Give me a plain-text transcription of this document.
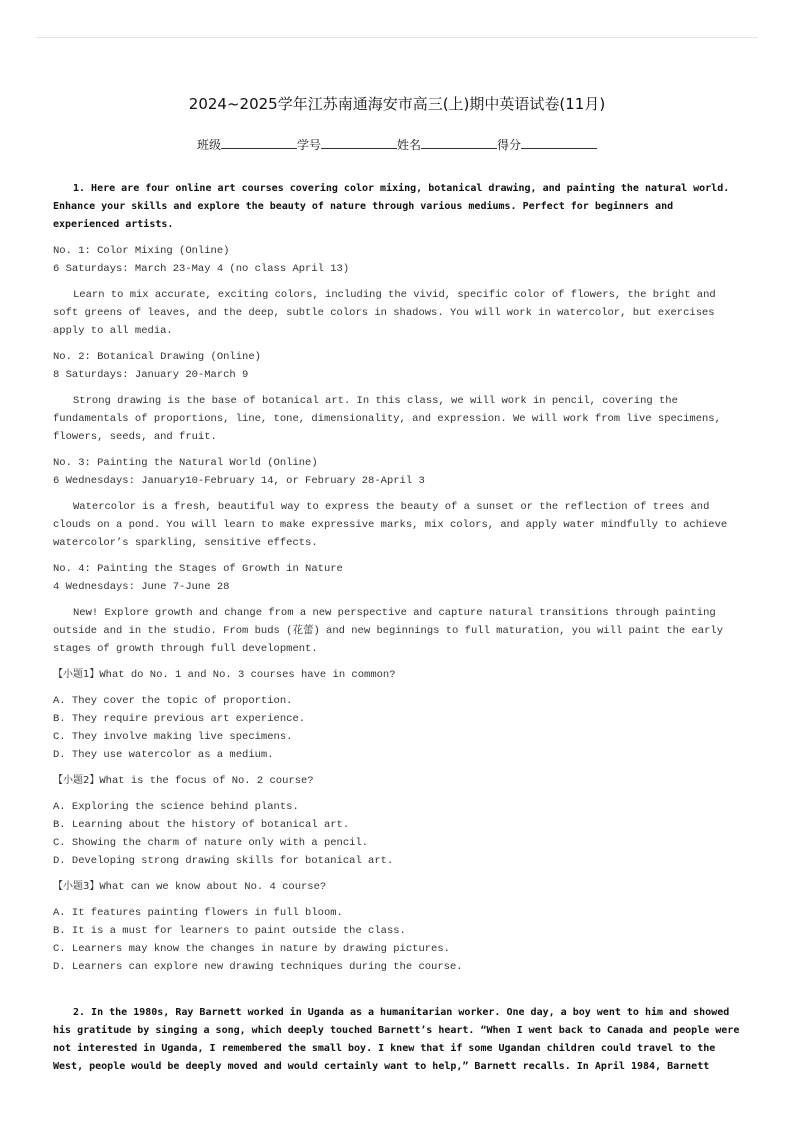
2024~2025学年江苏南通海安市高三(上)期中英语试卷(11月)
班级	学号	姓名	得分

1. Here are four online art courses covering color mixing, botanical drawing, and painting the natural world. Enhance your skills and explore the beauty of nature through various mediums. Perfect for beginners and experienced artists.

No. 1: Color Mixing (Online)
6 Saturdays: March 23-May 4 (no class April 13)

Learn to mix accurate, exciting colors, including the vivid, specific color of flowers, the bright and soft greens of leaves, and the deep, subtle colors in shadows. You will work in watercolor, but exercises apply to all media.

No. 2: Botanical Drawing (Online)
8 Saturdays: January 20-March 9

Strong drawing is the base of botanical art. In this class, we will work in pencil, covering the fundamentals of proportions, line, tone, dimensionality, and expression. We will work from live specimens, flowers, seeds, and fruit.

No. 3: Painting the Natural World (Online)
6 Wednesdays: January10-February 14, or February 28-April 3

Watercolor is a fresh, beautiful way to express the beauty of a sunset or the reflection of trees and clouds on a pond. You will learn to make expressive marks, mix colors, and apply water mindfully to achieve watercolor’s sparkling, sensitive effects.

No. 4: Painting the Stages of Growth in Nature
4 Wednesdays: June 7-June 28

New! Explore growth and change from a new perspective and capture natural transitions through painting outside and in the studio. From buds (花蕾) and new beginnings to full maturation, you will paint the early stages of growth through full development.

【小题1】What do No. 1 and No. 3 courses have in common?

A. They cover the topic of proportion.
B. They require previous art experience.
C. They involve making live specimens.
D. They use watercolor as a medium.

【小题2】What is the focus of No. 2 course?

A. Exploring the science behind plants.
B. Learning about the history of botanical art.
C. Showing the charm of nature only with a pencil.
D. Developing strong drawing skills for botanical art.

【小题3】What can we know about No. 4 course?

A. It features painting flowers in full bloom.
B. It is a must for learners to paint outside the class.
C. Learners may know the changes in nature by drawing pictures.
D. Learners can explore new drawing techniques during the course.

2. In the 1980s, Ray Barnett worked in Uganda as a humanitarian worker. One day, a boy went to him and showed his gratitude by singing a song, which deeply touched Barnett’s heart. “When I went back to Canada and people were not interested in Uganda, I remembered the small boy. I knew that if some Ugandan children could travel to the West, people would be deeply moved and would certainly want to help,” Barnett recalls. In April 1984, Barnett
